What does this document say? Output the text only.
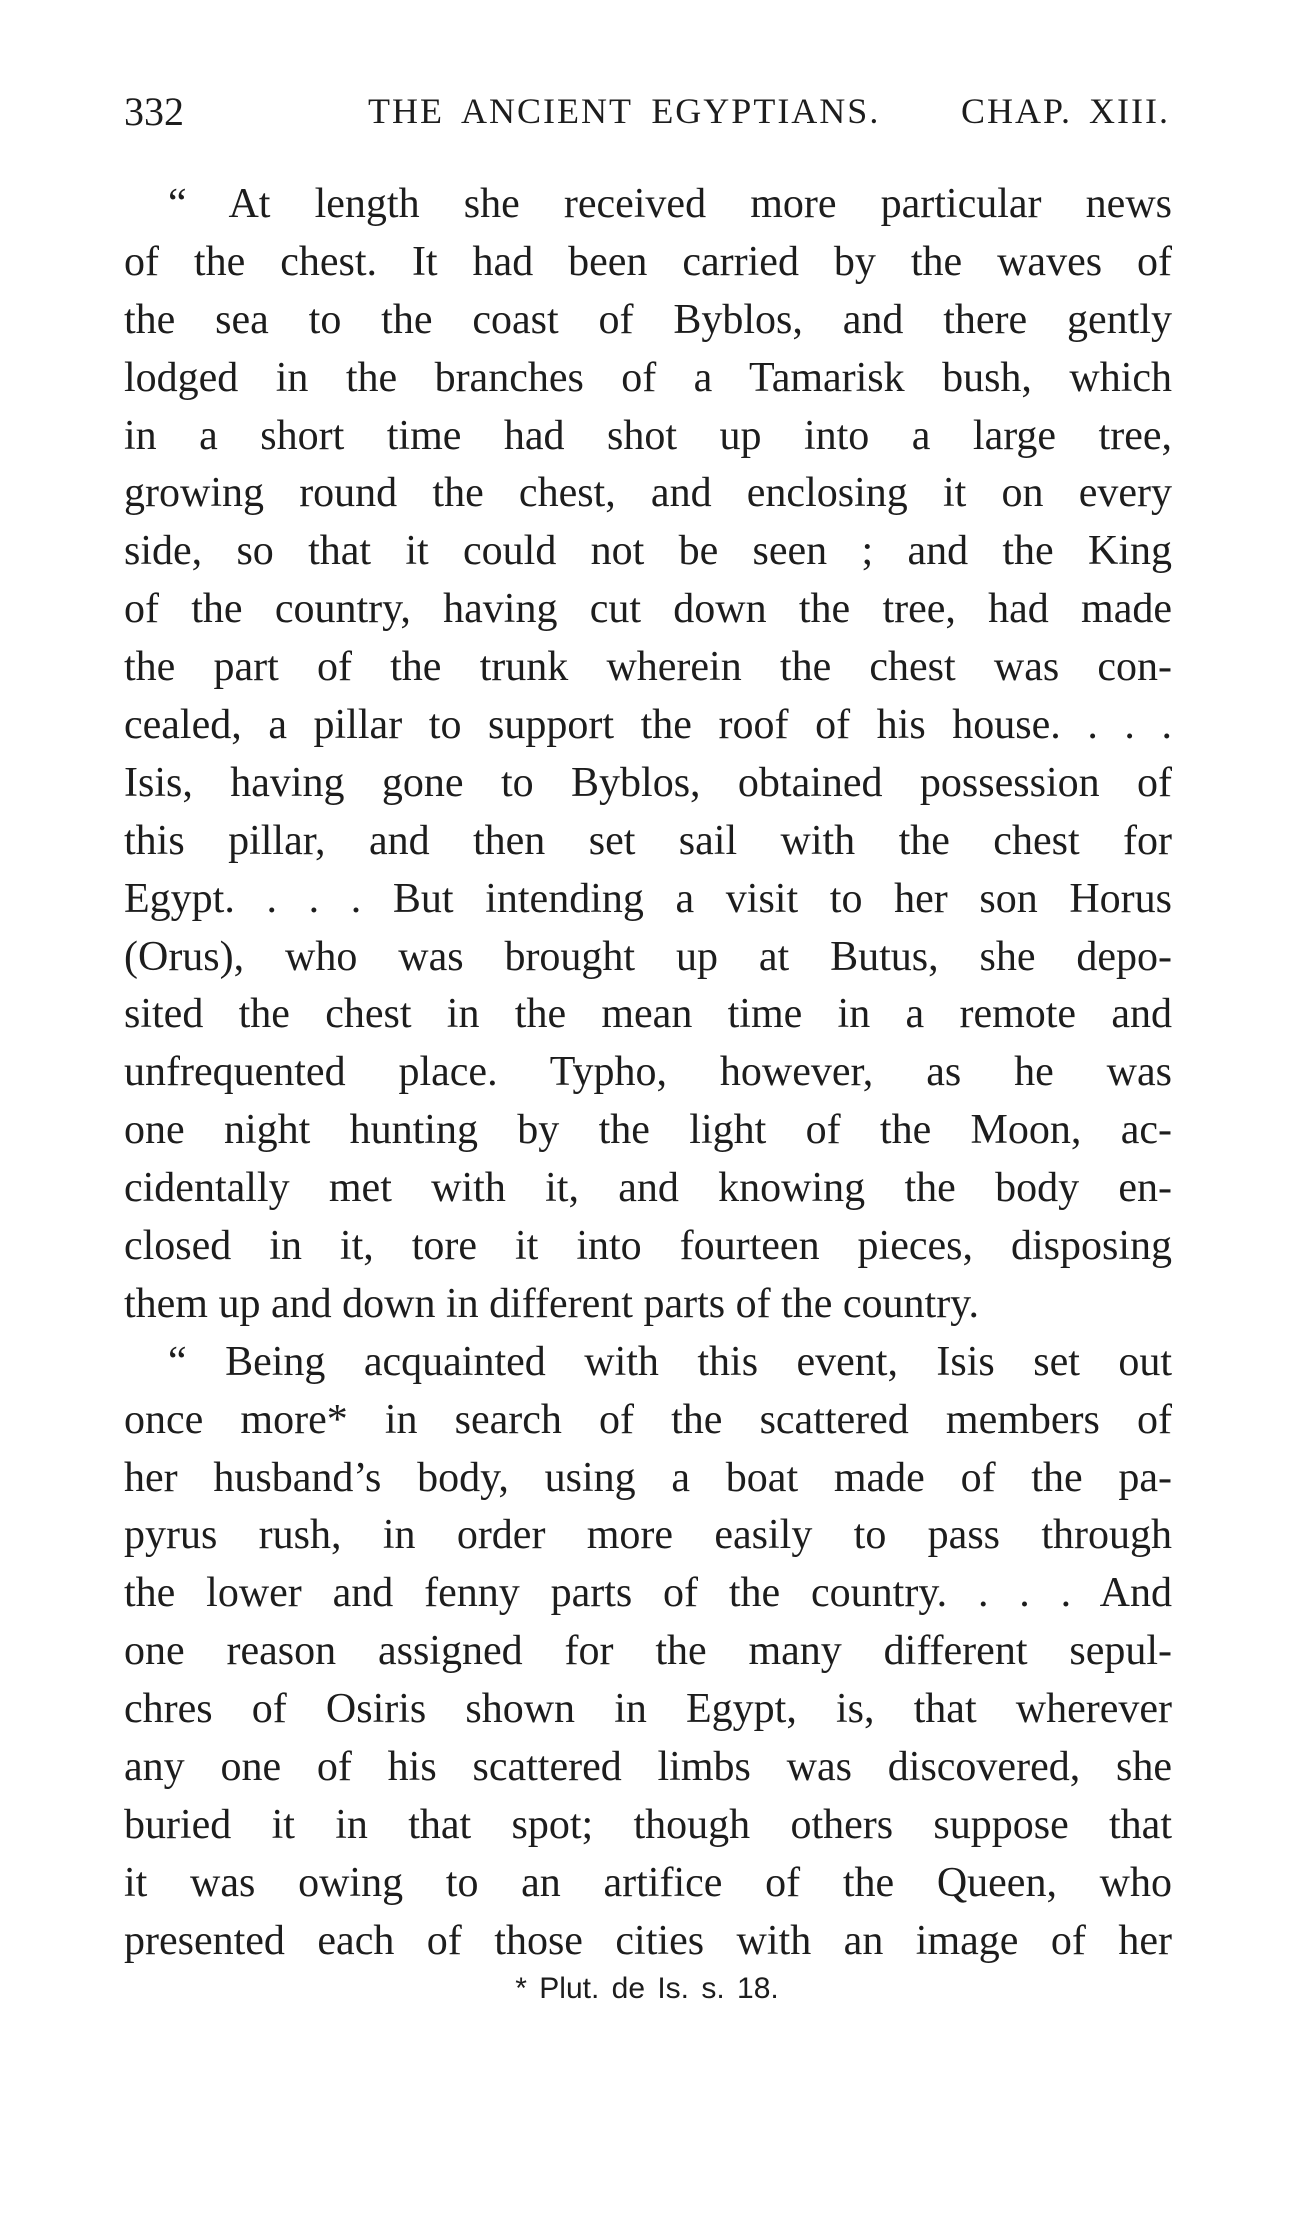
332	THE ANCIENT EGYPTIANS. CHAP. XIII.
“ At length she received more particular news
of the chest. It had been carried by the waves of
the sea to the coast of Byblos, and there gently
lodged in the branches of a Tamarisk bush, which
in a short time had shot up into a large tree,
growing round the chest, and enclosing it on every
side, so that it could not be seen ; and the King
of the country, having cut down the tree, had made
the part of the trunk wherein the chest was con-
cealed, a pillar to support the roof of his house. . . .
Isis, having gone to Byblos, obtained possession of
this pillar, and then set sail with the chest for
Egypt. . . . But intending a visit to her son Horus
(Orus), who was brought up at Butus, she depo-
sited the chest in the mean time in a remote and
unfrequented place. Typho, however, as he was
one night hunting by the light of the Moon, ac-
cidentally met with it, and knowing the body en-
closed in it, tore it into fourteen pieces, disposing
them up and down in different parts of the country.
“ Being acquainted with this event, Isis set out
once more* in search of the scattered members of
her husband’s body, using a boat made of the pa-
pyrus rush, in order more easily to pass through
the lower and fenny parts of the country. . . . And
one reason assigned for the many different sepul-
chres of Osiris shown in Egypt, is, that wherever
any one of his scattered limbs was discovered, she
buried it in that spot; though others suppose that
it was owing to an artifice of the Queen, who
presented each of those cities with an image of her
* Plut. de Is. s. 18.
